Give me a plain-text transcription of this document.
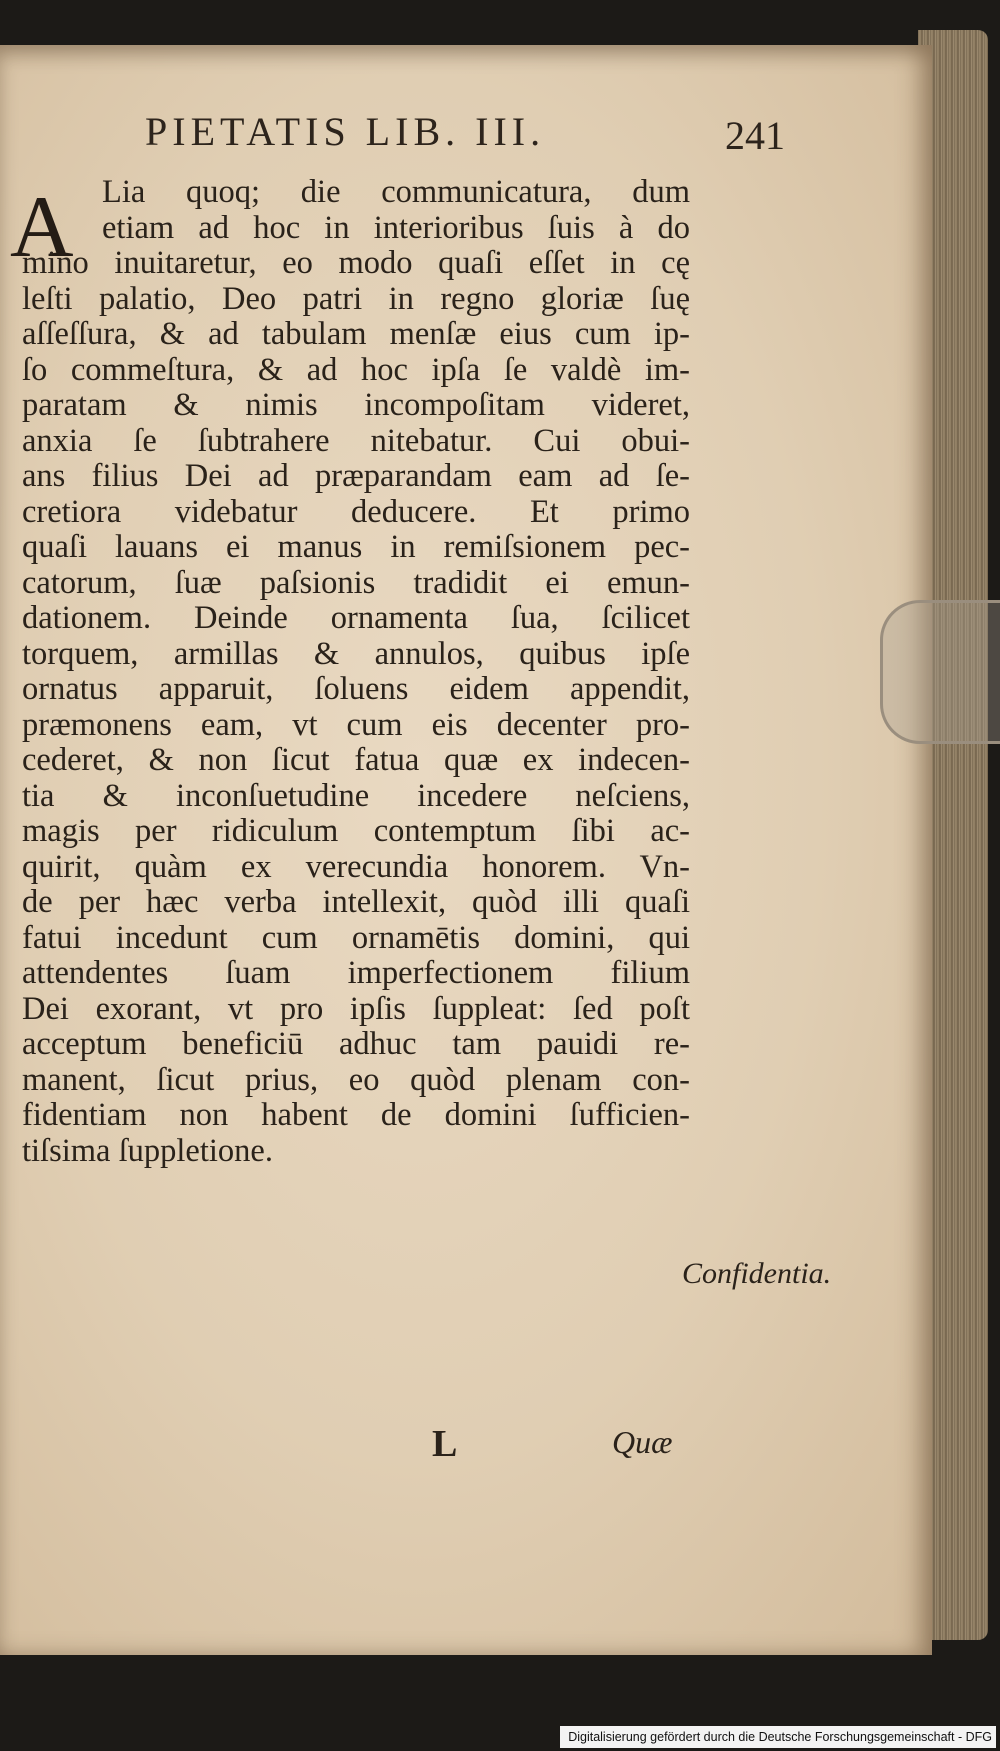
PIETATIS LIB. III.	241
A Lia quoq; die communicatura, dum
etiam ad hoc in interioribus ſuis à do
mino inuitaretur, eo modo quaſi eſſet in cę
leſti palatio, Deo patri in regno gloriæ ſuę
aſſeſſura, & ad tabulam menſæ eius cum ip-
ſo commeſtura, & ad hoc ipſa ſe valdè im-
paratam & nimis incompoſitam videret,
anxia ſe ſubtrahere nitebatur. Cui obui-
ans filius Dei ad præparandam eam ad ſe-
cretiora videbatur deducere. Et primo
quaſi lauans ei manus in remiſsionem pec-
catorum, ſuæ paſsionis tradidit ei emun-
dationem. Deinde ornamenta ſua, ſcilicet
torquem, armillas & annulos, quibus ipſe
ornatus apparuit, ſoluens eidem appendit,
præmonens eam, vt cum eis decenter pro-
cederet, & non ſicut fatua quæ ex indecen-
tia & inconſuetudine incedere neſciens,
magis per ridiculum contemptum ſibi ac-
quirit, quàm ex verecundia honorem. Vn-
de per hæc verba intellexit, quòd illi quaſi
fatui incedunt cum ornamētis domini, qui
attendentes ſuam imperfectionem filium
Dei exorant, vt pro ipſis ſuppleat: ſed poſt
acceptum beneficiū adhuc tam pauidi re-
manent, ſicut prius, eo quòd plenam con-
fidentiam non habent de domini ſufficien-
tiſsima ſuppletione.
Confidentia.
L	Quæ
Digitalisierung gefördert durch die Deutsche Forschungsgemeinschaft - DFG
